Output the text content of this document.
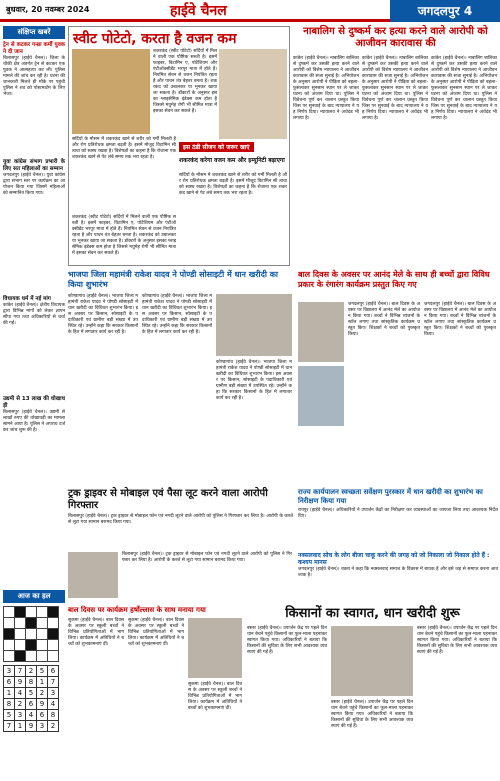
बुधवार, 20 नवम्बर 2024	हाईवे चैनल	जगदलपुर 4
संक्षिप्त खबरें
ट्रेन से कटकर गन्ध्रा कर्मी युवक ने दी जान
बिलासपुर (हाईवे चैनल)। जिला के चौकी क्षेत्र अंतर्गत ट्रेन से कटकर एक युवक ने आत्महत्या कर ली। पुलिस मामले की जांच कर रही है। घटना की जानकारी मिलते ही मौके पर पहुंची पुलिस ने शव को पोस्टमार्टम के लिए भेजा।
युवा कांग्रेस संभाग प्रभारी के लिए सत महिलाओं का सम्मान
जगदलपुर (हाईवे चैनल)। युवा कांग्रेस द्वारा संभाग स्तर पर कार्यक्रम का आयोजन किया गया जिसमें महिलाओं को सम्मानित किया गया।
विधायक धर्म में नई मांग
कांकेर (हाईवे चैनल)। क्षेत्रीय विधायक द्वारा विभिन्न मांगों को लेकर ज्ञापन सौंपा गया तथा अधिकारियों से चर्चा की गई।
उद्यमी से 13 लाख की धोखाधड़ी
बिलासपुर (हाईवे चैनल)। उद्यमी से लाखों रुपए की धोखाधड़ी का मामला सामने आया है। पुलिस ने अपराध दर्ज कर जांच शुरू की है।
स्वीट पोटेटो, करता है वजन कम
शकरकंद (स्वीट पोटेटो) सर्दियों में मिलने वाली एक पौष्टिक सब्जी है। इसमें फाइबर, विटामिन ए, पोटैशियम और एंटीऑक्सीडेंट भरपूर मात्रा में होते हैं। नियमित सेवन से वजन नियंत्रित रहता है और पाचन तंत्र बेहतर बनता है। शकरकंद को उबालकर या भूनकर खाया जा सकता है। डॉक्टरों के अनुसार इसका ग्लाइसेमिक इंडेक्स कम होता है जिससे मधुमेह रोगी भी सीमित मात्रा में इसका सेवन कर सकते हैं।
इस ठंडी सीजन को जरूर खाएं
सर्दियों के मौसम में शकरकंद खाने से शरीर को गर्मी मिलती है और रोग प्रतिरोधक क्षमता बढ़ती है। इसमें मौजूद विटामिन सी त्वचा को स्वस्थ रखता है। विशेषज्ञों का कहना है कि रोजाना एक शकरकंद खाने से पेट लंबे समय तक भरा रहता है।	शकरकंद करेगा वजन कम और इम्यूनिटी बढ़ाएगा
सर्दियों के मौसम में शकरकंद खाने से शरीर को गर्मी मिलती है और रोग प्रतिरोधक क्षमता बढ़ती है। इसमें मौजूद विटामिन सी त्वचा को स्वस्थ रखता है। विशेषज्ञों का कहना है कि रोजाना एक शकरकंद खाने से पेट लंबे समय तक भरा रहता है।
शकरकंद (स्वीट पोटेटो) सर्दियों में मिलने वाली एक पौष्टिक सब्जी है। इसमें फाइबर, विटामिन ए, पोटैशियम और एंटीऑक्सीडेंट भरपूर मात्रा में होते हैं। नियमित सेवन से वजन नियंत्रित रहता है और पाचन तंत्र बेहतर बनता है। शकरकंद को उबालकर या भूनकर खाया जा सकता है। डॉक्टरों के अनुसार इसका ग्लाइसेमिक इंडेक्स कम होता है जिससे मधुमेह रोगी भी सीमित मात्रा में इसका सेवन कर सकते हैं।
नाबालिग से दुष्कर्म कर हत्या करने वाले आरोपी को आजीवन कारावास की
कांकेर (हाईवे चैनल)। नाबालिग बालिका से दुष्कर्म कर उसकी हत्या करने वाले आरोपी को विशेष न्यायालय ने आजीवन कारावास की सजा सुनाई है। अभियोजन के अनुसार आरोपी ने पीड़िता को बहला-फुसलाकर सुनसान स्थान पर ले जाकर घटना को अंजाम दिया था। पुलिस ने विवेचना पूर्ण कर चालान प्रस्तुत किया जिस पर सुनवाई के बाद न्यायालय ने यह निर्णय दिया। न्यायालय ने अर्थदंड भी लगाया है।
कांकेर (हाईवे चैनल)। नाबालिग बालिका से दुष्कर्म कर उसकी हत्या करने वाले आरोपी को विशेष न्यायालय ने आजीवन कारावास की सजा सुनाई है। अभियोजन के अनुसार आरोपी ने पीड़िता को बहला-फुसलाकर सुनसान स्थान पर ले जाकर घटना को अंजाम दिया था। पुलिस ने विवेचना पूर्ण कर चालान प्रस्तुत किया जिस पर सुनवाई के बाद न्यायालय ने यह निर्णय दिया। न्यायालय ने अर्थदंड भी लगाया है।
कांकेर (हाईवे चैनल)। नाबालिग बालिका से दुष्कर्म कर उसकी हत्या करने वाले आरोपी को विशेष न्यायालय ने आजीवन कारावास की सजा सुनाई है। अभियोजन के अनुसार आरोपी ने पीड़िता को बहला-फुसलाकर सुनसान स्थान पर ले जाकर घटना को अंजाम दिया था। पुलिस ने विवेचना पूर्ण कर चालान प्रस्तुत किया जिस पर सुनवाई के बाद न्यायालय ने यह निर्णय दिया। न्यायालय ने अर्थदंड भी लगाया है।
भाजपा जिला महामंत्री राकेश यादव ने पोण्डी सोसाइटी में धान खरीदी का किया शुभारंभ
कोण्डागांव (हाईवे चैनल)। भाजपा जिला महामंत्री राकेश यादव ने पोण्डी सोसाइटी में धान खरीदी का विधिवत शुभारंभ किया। इस अवसर पर किसान, सोसाइटी के पदाधिकारी एवं ग्रामीण बड़ी संख्या में उपस्थित रहे। उन्होंने कहा कि सरकार किसानों के हित में लगातार कार्य कर रही है।
कोण्डागांव (हाईवे चैनल)। भाजपा जिला महामंत्री राकेश यादव ने पोण्डी सोसाइटी में धान खरीदी का विधिवत शुभारंभ किया। इस अवसर पर किसान, सोसाइटी के पदाधिकारी एवं ग्रामीण बड़ी संख्या में उपस्थित रहे। उन्होंने कहा कि सरकार किसानों के हित में लगातार कार्य कर रही है।
कोण्डागांव (हाईवे चैनल)। भाजपा जिला महामंत्री राकेश यादव ने पोण्डी सोसाइटी में धान खरीदी का विधिवत शुभारंभ किया। इस अवसर पर किसान, सोसाइटी के पदाधिकारी एवं ग्रामीण बड़ी संख्या में उपस्थित रहे। उन्होंने कहा कि सरकार किसानों के हित में लगातार कार्य कर रही है।
बाल दिवस के अवसर पर आनंद मेले के साथ ही बच्चों द्वारा विविध प्रकार के रंगारंग कार्यक्रम प्रस्तुत किए गए
जगदलपुर (हाईवे चैनल)। बाल दिवस के अवसर पर विद्यालय में आनंद मेले का आयोजन किया गया। बच्चों ने विभिन्न व्यंजनों के स्टॉल लगाए तथा सांस्कृतिक कार्यक्रम प्रस्तुत किए। शिक्षकों ने बच्चों को पुरस्कृत किया।
जगदलपुर (हाईवे चैनल)। बाल दिवस के अवसर पर विद्यालय में आनंद मेले का आयोजन किया गया। बच्चों ने विभिन्न व्यंजनों के स्टॉल लगाए तथा सांस्कृतिक कार्यक्रम प्रस्तुत किए। शिक्षकों ने बच्चों को पुरस्कृत किया।
ट्रक ड्राइवर से मोबाइल एवं पैसा लूट करने वाला आरोपी गिरफ्तार
बिलासपुर (हाईवे चैनल)। ट्रक ड्राइवर से मोबाइल फोन एवं नगदी लूटने वाले आरोपी को पुलिस ने गिरफ्तार कर लिया है। आरोपी के कब्जे से लूटा गया सामान बरामद किया गया।
राज्य कार्यपालन स्वच्छता सर्वेक्षण पुरस्कार में धान खरीदी का शुभारंभ का निरीक्षण किया गया
रायपुर (हाईवे चैनल)। अधिकारियों ने उपार्जन केंद्रों का निरीक्षण कर व्यवस्थाओं का जायजा लिया तथा आवश्यक निर्देश दिए।
आज का हल

3	7	2	5	6
6	9	8	1	7
1	4	5	2	3
8	2	6	9	4
5	3	4	6	8
7	1	9	3	2
बिलासपुर (हाईवे चैनल)। ट्रक ड्राइवर से मोबाइल फोन एवं नगदी लूटने वाले आरोपी को पुलिस ने गिरफ्तार कर लिया है। आरोपी के कब्जे से लूटा गया सामान बरामद किया गया।
नक्सलवाद सोच के लोग बीजा चाकू करने की जगह को जो निकाला जो निकाल होते हैं : कश्यप मानस
जगदलपुर (हाईवे चैनल)। वक्ता ने कहा कि नक्सलवाद समाज के विकास में बाधक है और इसे जड़ से समाप्त करना आवश्यक है।
बाल दिवस पर कार्यक्रम हर्षोल्लास के साथ मनाया गया
सुकमा (हाईवे चैनल)। बाल दिवस के अवसर पर स्कूली बच्चों ने विभिन्न प्रतियोगिताओं में भाग लिया। कार्यक्रम में अतिथियों ने बच्चों को शुभकामनाएं दीं।
सुकमा (हाईवे चैनल)। बाल दिवस के अवसर पर स्कूली बच्चों ने विभिन्न प्रतियोगिताओं में भाग लिया। कार्यक्रम में अतिथियों ने बच्चों को शुभकामनाएं दीं।
सुकमा (हाईवे चैनल)। बाल दिवस के अवसर पर स्कूली बच्चों ने विभिन्न प्रतियोगिताओं में भाग लिया। कार्यक्रम में अतिथियों ने बच्चों को शुभकामनाएं दीं।
किसानों का स्वागत, धान खरीदी शुरू
बस्तर (हाईवे चैनल)। उपार्जन केंद्र पर पहले दिन धान बेचने पहुंचे किसानों का फूल-माला पहनाकर स्वागत किया गया। अधिकारियों ने बताया कि किसानों की सुविधा के लिए सभी आवश्यक व्यवस्थाएं की गई हैं।
बस्तर (हाईवे चैनल)। उपार्जन केंद्र पर पहले दिन धान बेचने पहुंचे किसानों का फूल-माला पहनाकर स्वागत किया गया। अधिकारियों ने बताया कि किसानों की सुविधा के लिए सभी आवश्यक व्यवस्थाएं की गई हैं।
बस्तर (हाईवे चैनल)। उपार्जन केंद्र पर पहले दिन धान बेचने पहुंचे किसानों का फूल-माला पहनाकर स्वागत किया गया। अधिकारियों ने बताया कि किसानों की सुविधा के लिए सभी आवश्यक व्यवस्थाएं की गई हैं।
